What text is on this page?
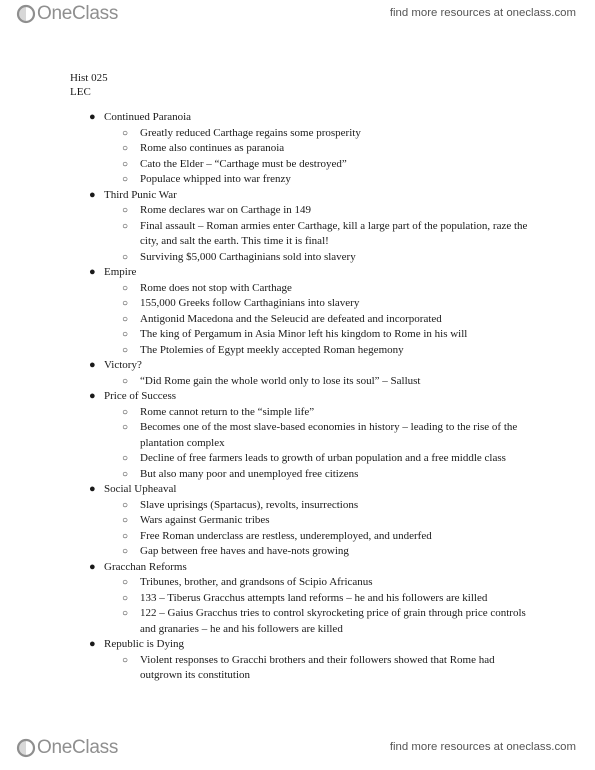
OneClass	find more resources at oneclass.com
Hist 025
LEC
● Continued Paranoia
○ Greatly reduced Carthage regains some prosperity
○ Rome also continues as paranoia
○ Cato the Elder – “Carthage must be destroyed”
○ Populace whipped into war frenzy
● Third Punic War
○ Rome declares war on Carthage in 149
○ Final assault – Roman armies enter Carthage, kill a large part of the population, raze the city, and salt the earth. This time it is final!
○ Surviving $5,000 Carthaginians sold into slavery
● Empire
○ Rome does not stop with Carthage
○ 155,000 Greeks follow Carthaginians into slavery
○ Antigonid Macedona and the Seleucid are defeated and incorporated
○ The king of Pergamum in Asia Minor left his kingdom to Rome in his will
○ The Ptolemies of Egypt meekly accepted Roman hegemony
● Victory?
○ “Did Rome gain the whole world only to lose its soul” – Sallust
● Price of Success
○ Rome cannot return to the “simple life”
○ Becomes one of the most slave-based economies in history – leading to the rise of the plantation complex
○ Decline of free farmers leads to growth of urban population and a free middle class
○ But also many poor and unemployed free citizens
● Social Upheaval
○ Slave uprisings (Spartacus), revolts, insurrections
○ Wars against Germanic tribes
○ Free Roman underclass are restless, underemployed, and underfed
○ Gap between free haves and have-nots growing
● Gracchan Reforms
○ Tribunes, brother, and grandsons of Scipio Africanus
○ 133 – Tiberus Gracchus attempts land reforms – he and his followers are killed
○ 122 – Gaius Gracchus tries to control skyrocketing price of grain through price controls and granaries – he and his followers are killed
● Republic is Dying
○ Violent responses to Gracchi brothers and their followers showed that Rome had outgrown its constitution
OneClass	find more resources at oneclass.com
